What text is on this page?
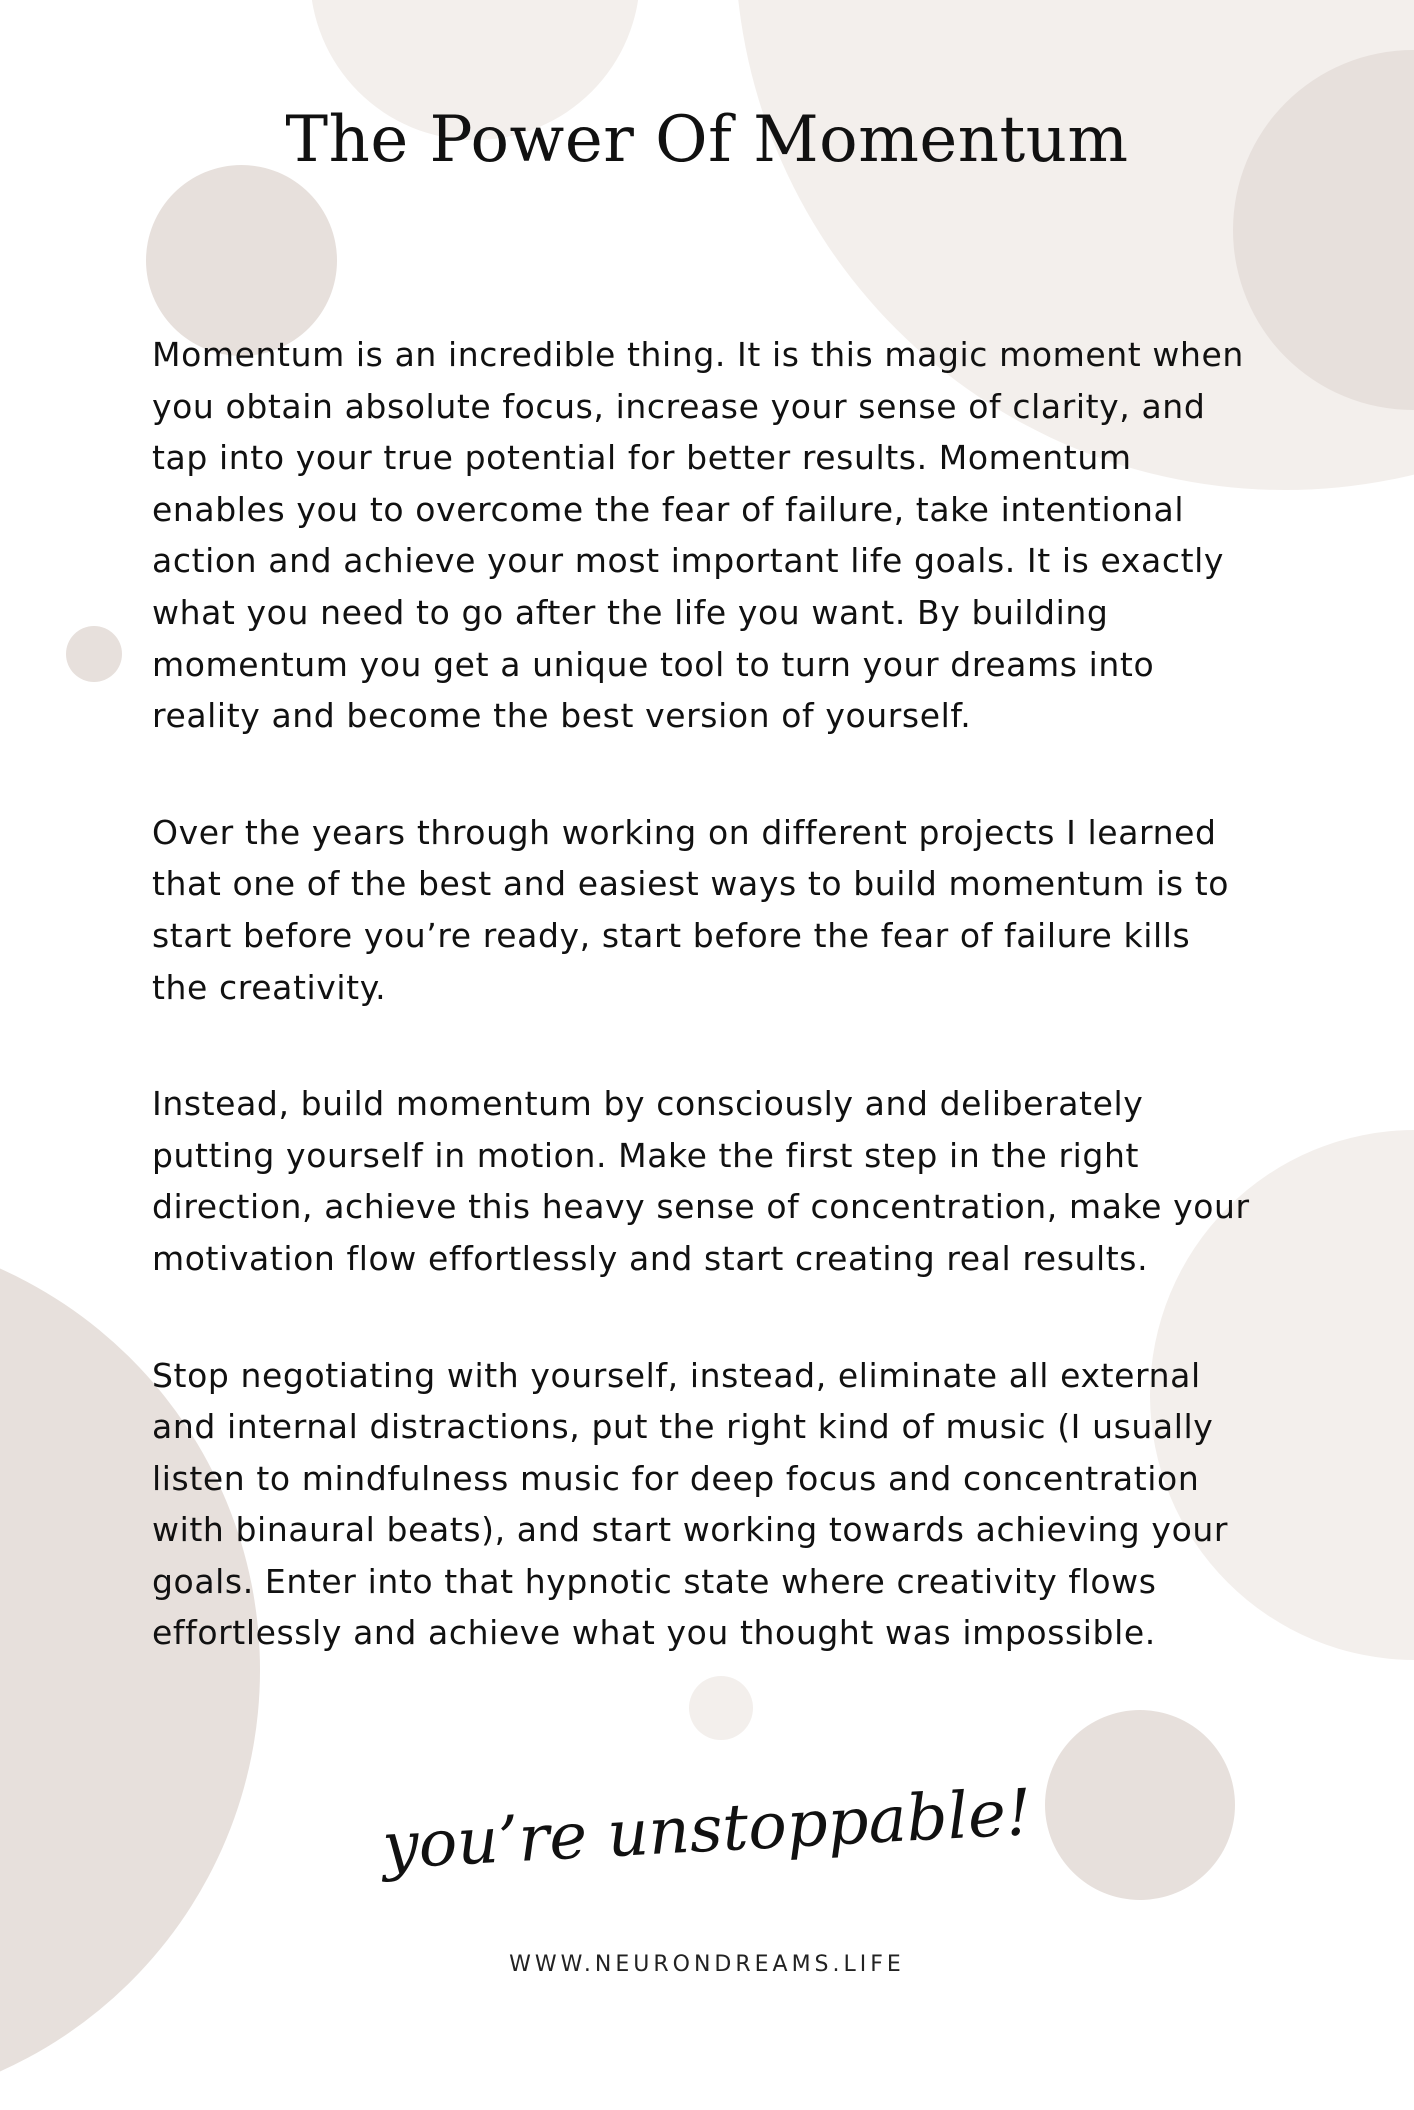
The Power Of Momentum

Momentum is an incredible thing. It is this magic moment when
you obtain absolute focus, increase your sense of clarity, and
tap into your true potential for better results. Momentum
enables you to overcome the fear of failure, take intentional
action and achieve your most important life goals. It is exactly
what you need to go after the life you want. By building
momentum you get a unique tool to turn your dreams into
reality and become the best version of yourself.

Over the years through working on different projects I learned
that one of the best and easiest ways to build momentum is to
start before you’re ready, start before the fear of failure kills
the creativity.

Instead, build momentum by consciously and deliberately
putting yourself in motion. Make the first step in the right
direction, achieve this heavy sense of concentration, make your
motivation flow effortlessly and start creating real results.

Stop negotiating with yourself, instead, eliminate all external
and internal distractions, put the right kind of music (I usually
listen to mindfulness music for deep focus and concentration
with binaural beats), and start working towards achieving your
goals. Enter into that hypnotic state where creativity flows
effortlessly and achieve what you thought was impossible.

you’re unstoppable!
WWW.NEURONDREAMS.LIFE
